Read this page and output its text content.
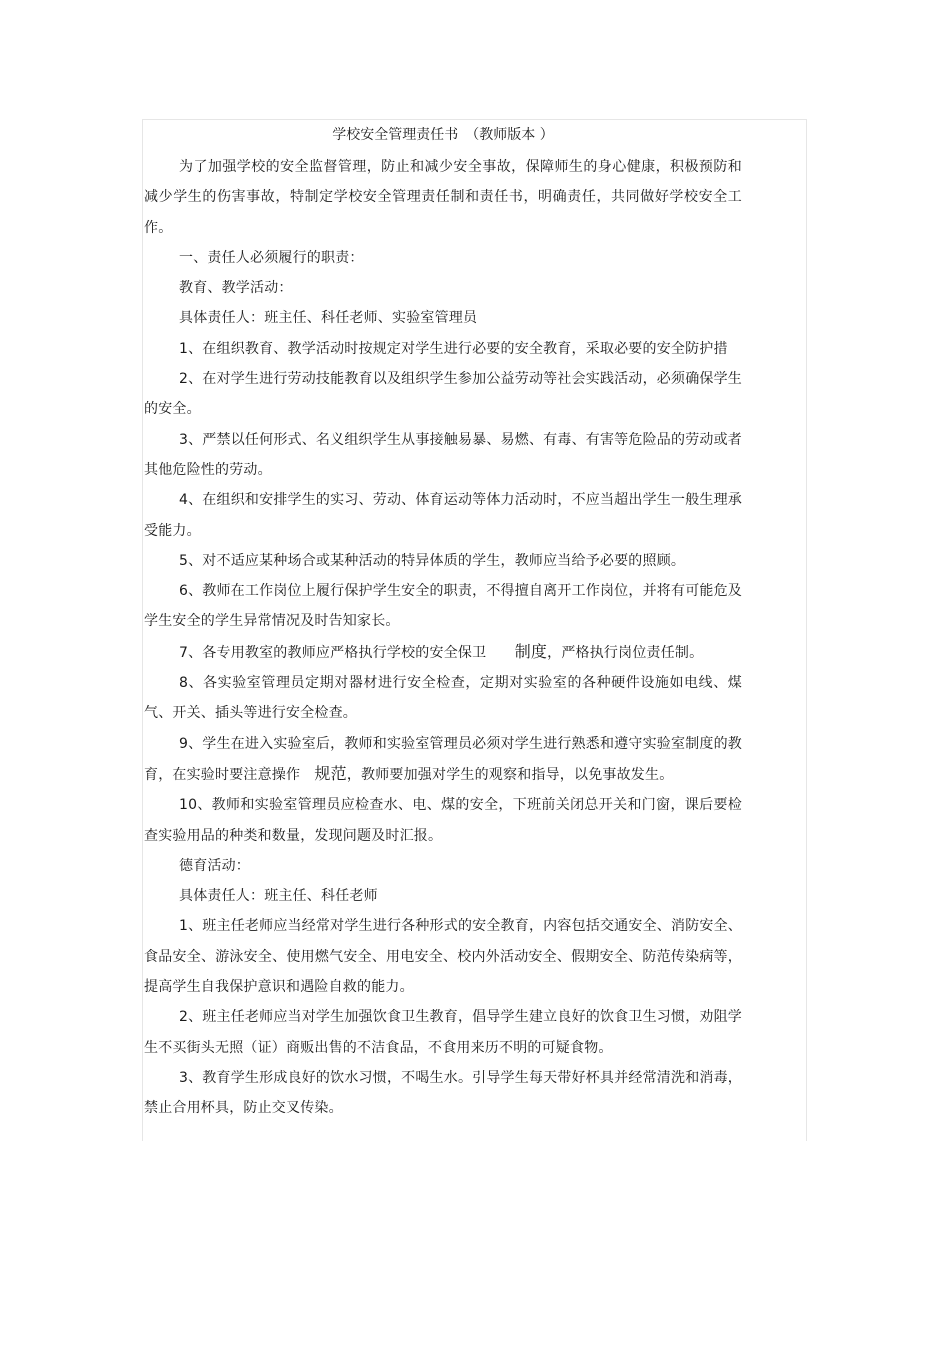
学校安全管理责任书　（教师版本 ）

为了加强学校的安全监督管理，防止和减少安全事故，保障师生的身心健康，积极预防和减少学生的伤害事故，特制定学校安全管理责任制和责任书，明确责任，共同做好学校安全工作。

一、责任人必须履行的职责：

教育、教学活动：

具体责任人：班主任、科任老师、实验室管理员

1、在组织教育、教学活动时按规定对学生进行必要的安全教育，采取必要的安全防护措

2、在对学生进行劳动技能教育以及组织学生参加公益劳动等社会实践活动，必须确保学生的安全。

3、严禁以任何形式、名义组织学生从事接触易暴、易燃、有毒、有害等危险品的劳动或者其他危险性的劳动。

4、在组织和安排学生的实习、劳动、体育运动等体力活动时，不应当超出学生一般生理承受能力。

5、对不适应某种场合或某种活动的特异体质的学生，教师应当给予必要的照顾。

6、教师在工作岗位上履行保护学生安全的职责，不得擅自离开工作岗位，并将有可能危及学生安全的学生异常情况及时告知家长。

7、各专用教室的教师应严格执行学校的安全保卫　　制度，严格执行岗位责任制。

8、各实验室管理员定期对器材进行安全检查，定期对实验室的各种硬件设施如电线、煤气、开关、插头等进行安全检查。

9、学生在进入实验室后，教师和实验室管理员必须对学生进行熟悉和遵守实验室制度的教育，在实验时要注意操作　规范，教师要加强对学生的观察和指导，以免事故发生。

10、教师和实验室管理员应检查水、电、煤的安全，下班前关闭总开关和门窗，课后要检查实验用品的种类和数量，发现问题及时汇报。

德育活动：

具体责任人：班主任、科任老师

1、班主任老师应当经常对学生进行各种形式的安全教育，内容包括交通安全、消防安全、食品安全、游泳安全、使用燃气安全、用电安全、校内外活动安全、假期安全、防范传染病等，提高学生自我保护意识和遇险自救的能力。

2、班主任老师应当对学生加强饮食卫生教育，倡导学生建立良好的饮食卫生习惯，劝阻学生不买街头无照（证）商贩出售的不洁食品，不食用来历不明的可疑食物。

3、教育学生形成良好的饮水习惯，不喝生水。引导学生每天带好杯具并经常清洗和消毒，禁止合用杯具，防止交叉传染。
